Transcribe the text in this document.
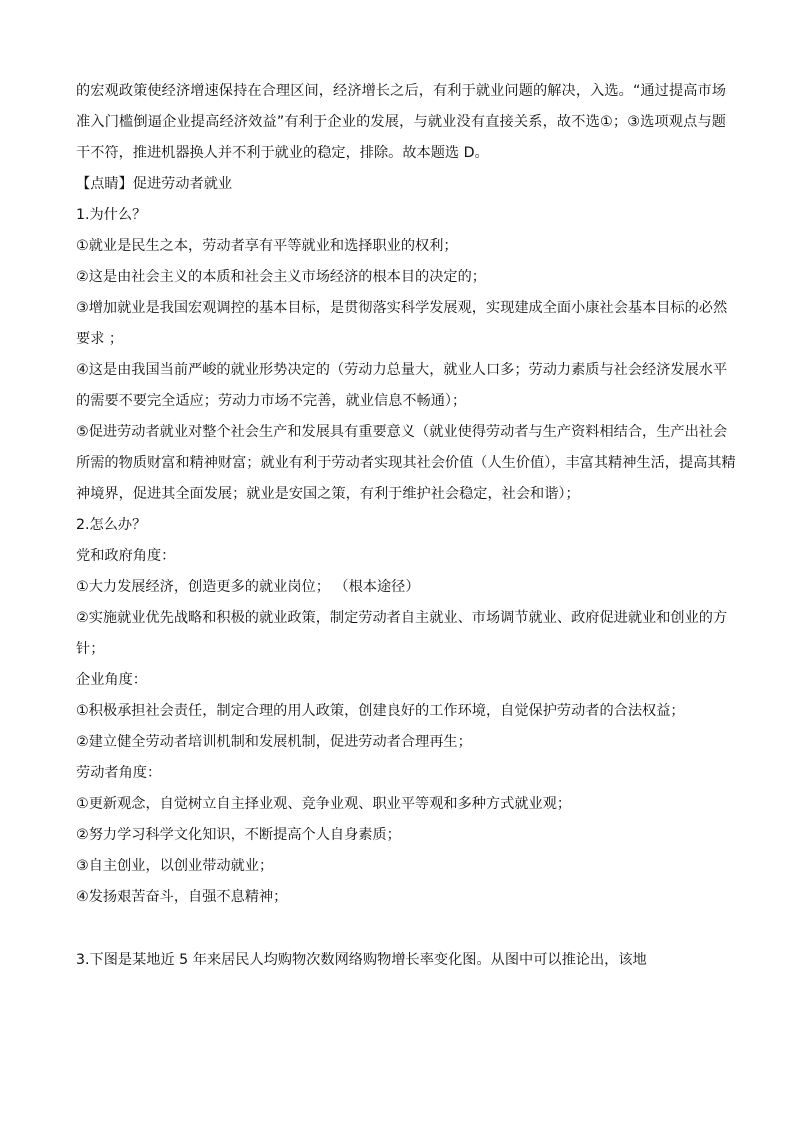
的宏观政策使经济增速保持在合理区间，经济增长之后，有利于就业问题的解决，入选。“通过提高市场
准入门槛倒逼企业提高经济效益”有利于企业的发展，与就业没有直接关系，故不选①；③选项观点与题
干不符，推进机器换人并不利于就业的稳定，排除。故本题选 D。
【点睛】促进劳动者就业
1.为什么？
①就业是民生之本，劳动者享有平等就业和选择职业的权利；
②这是由社会主义的本质和社会主义市场经济的根本目的决定的；
③增加就业是我国宏观调控的基本目标，是贯彻落实科学发展观，实现建成全面小康社会基本目标的必然
要求 ；
④这是由我国当前严峻的就业形势决定的（劳动力总量大，就业人口多；劳动力素质与社会经济发展水平
的需要不要完全适应；劳动力市场不完善，就业信息不畅通）；
⑤促进劳动者就业对整个社会生产和发展具有重要意义（就业使得劳动者与生产资料相结合，生产出社会
所需的物质财富和精神财富；就业有利于劳动者实现其社会价值（人生价值），丰富其精神生活，提高其精
神境界，促进其全面发展；就业是安国之策，有利于维护社会稳定，社会和谐）；
2.怎么办？
党和政府角度：
①大力发展经济，创造更多的就业岗位； （根本途径）
②实施就业优先战略和积极的就业政策，制定劳动者自主就业、市场调节就业、政府促进就业和创业的方
针；
企业角度：
①积极承担社会责任，制定合理的用人政策，创建良好的工作环境，自觉保护劳动者的合法权益；
②建立健全劳动者培训机制和发展机制，促进劳动者合理再生；
劳动者角度：
①更新观念，自觉树立自主择业观、竞争业观、职业平等观和多种方式就业观；
②努力学习科学文化知识，不断提高个人自身素质；
③自主创业，以创业带动就业；
④发扬艰苦奋斗，自强不息精神；
3.下图是某地近 5 年来居民人均购物次数网络购物增长率变化图。从图中可以推论出，该地
